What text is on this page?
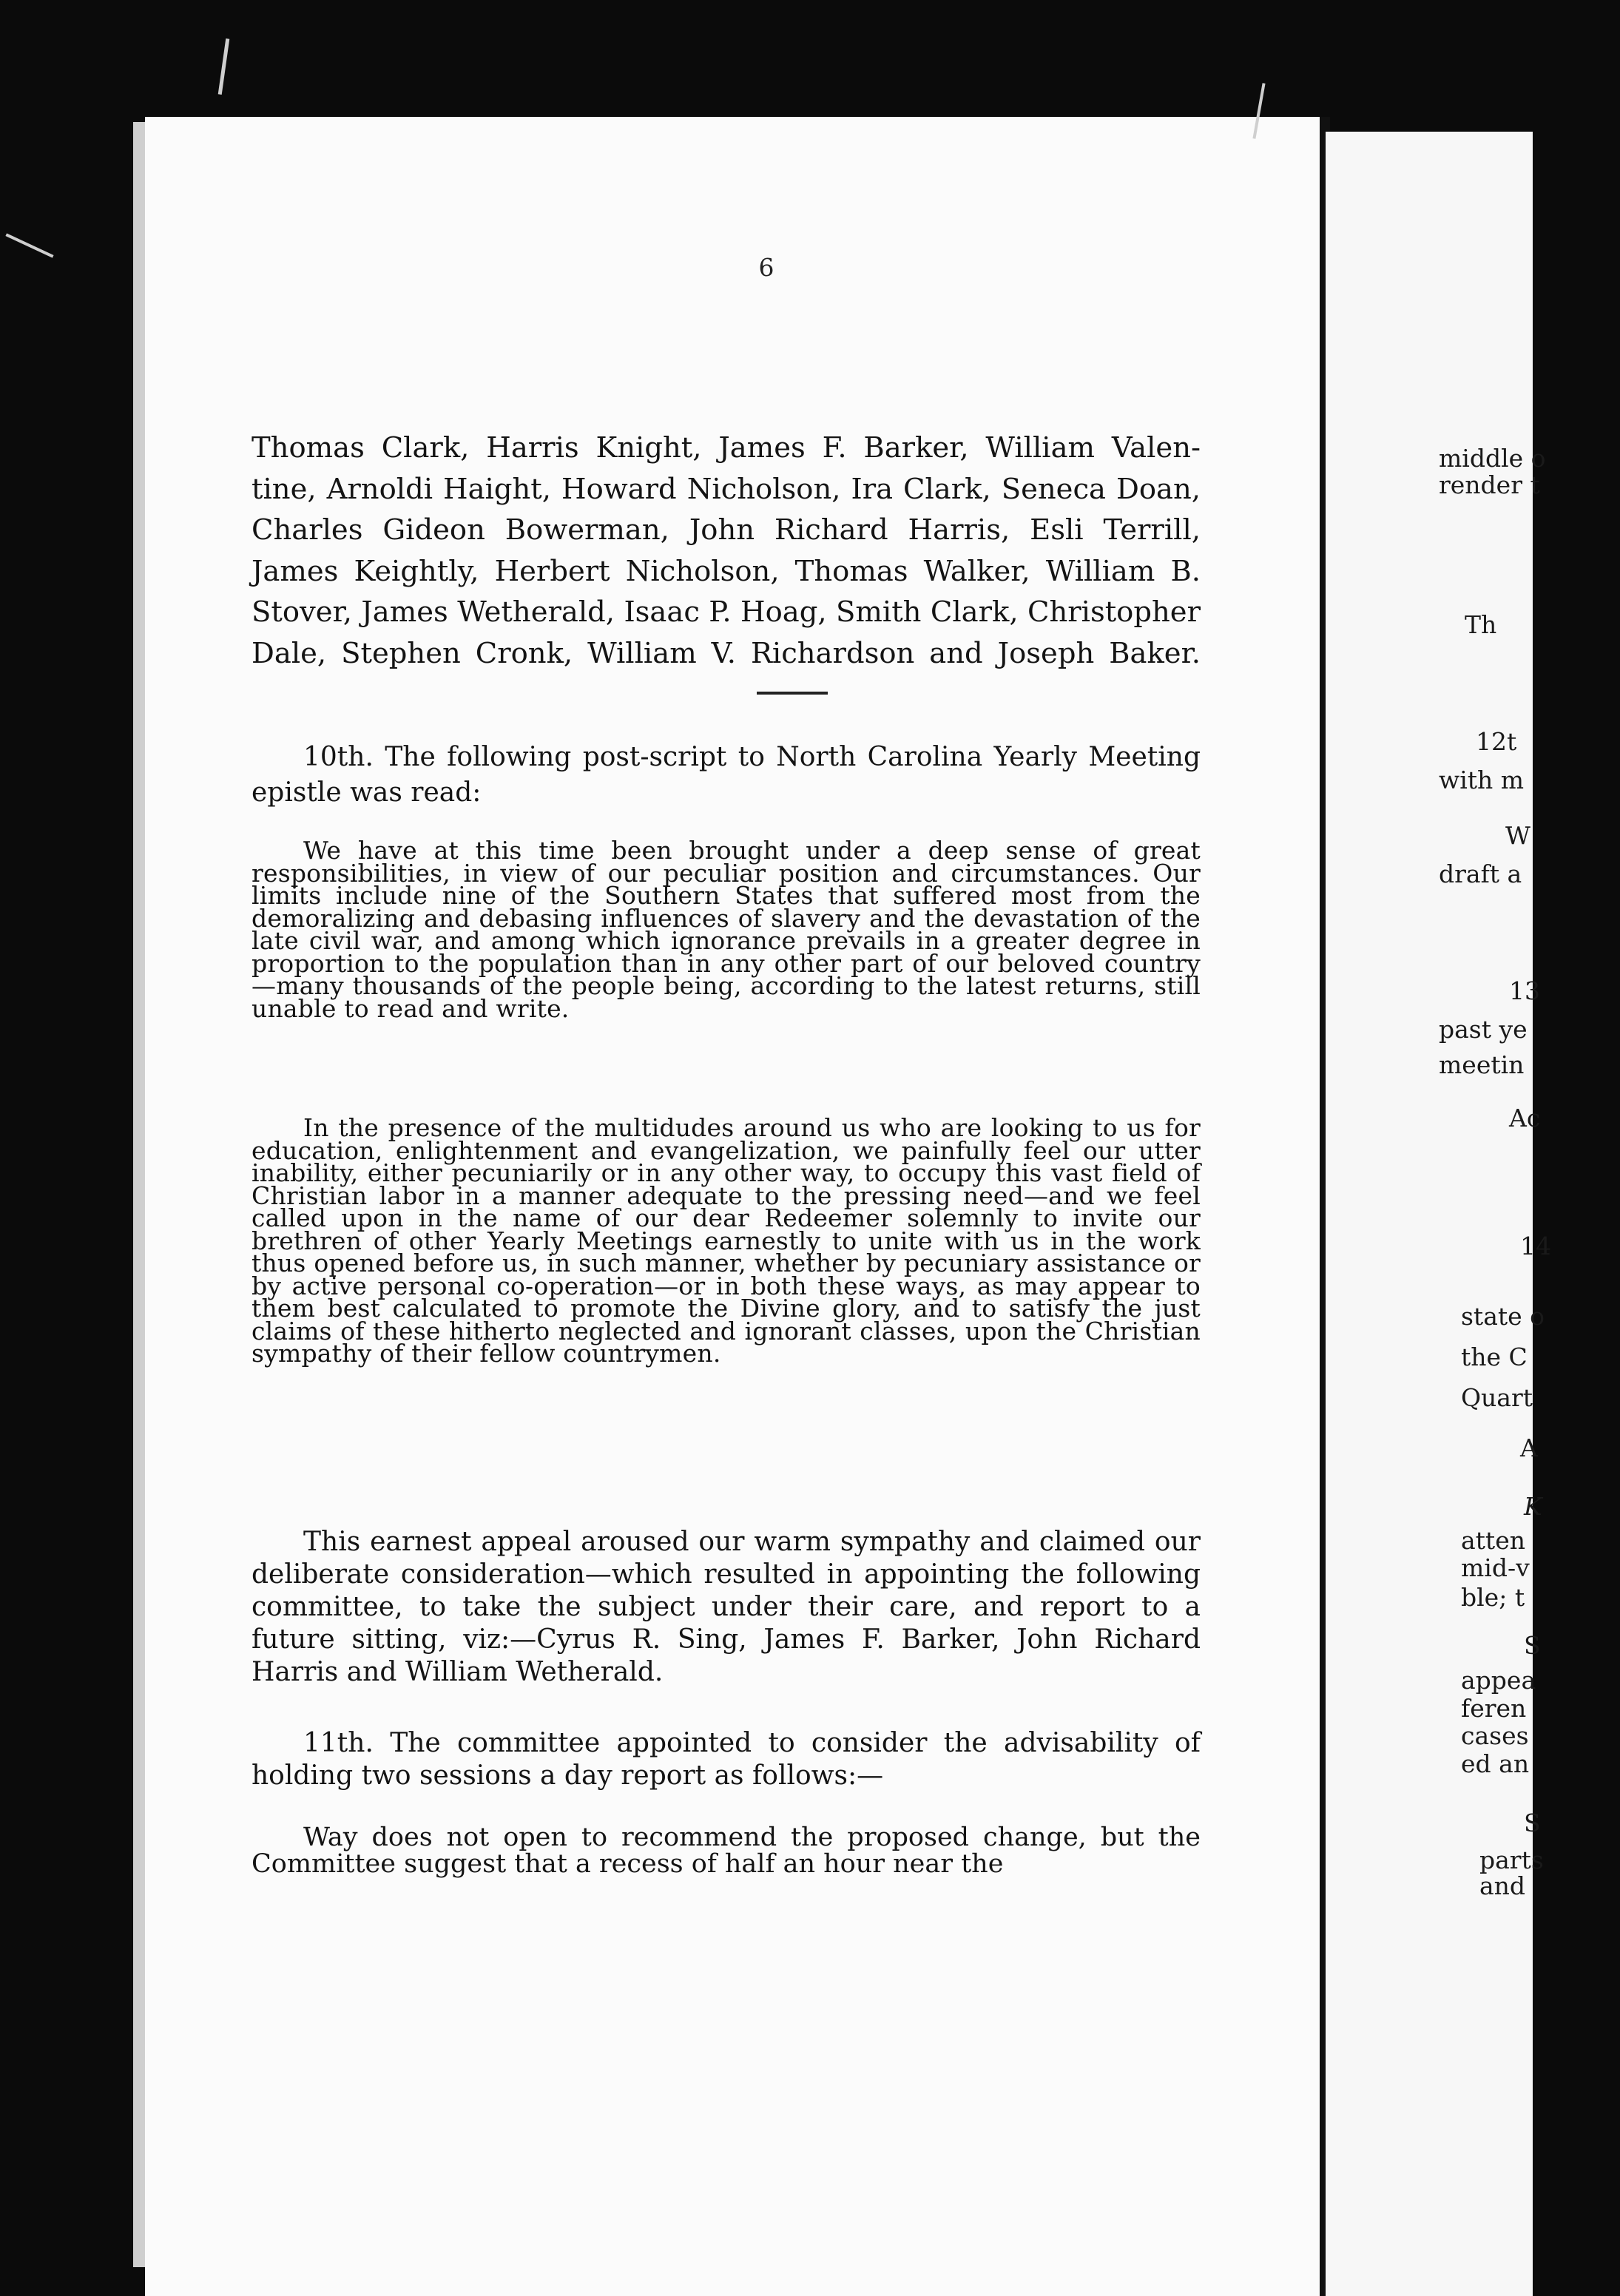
6
Thomas Clark, Harris Knight, James F. Barker, William Valen-
tine, Arnoldi Haight, Howard Nicholson, Ira Clark, Seneca Doan,
Charles Gideon Bowerman, John Richard Harris, Esli Terrill,
James Keightly, Herbert Nicholson, Thomas Walker, William B.
Stover, James Wetherald, Isaac P. Hoag, Smith Clark, Christopher
Dale, Stephen Cronk, William V. Richardson and Joseph Baker.
10th. The following post-script to North Carolina Yearly Meeting epistle was read:
We have at this time been brought under a deep sense of great responsibilities, in view of our peculiar position and circumstances. Our limits include nine of the Southern States that suffered most from the demoralizing and debasing influences of slavery and the devastation of the late civil war, and among which ignorance prevails in a greater degree in proportion to the population than in any other part of our beloved country—many thousands of the people being, according to the latest returns, still unable to read and write.
In the presence of the multidudes around us who are looking to us for education, enlightenment and evangelization, we painfully feel our utter inability, either pecuniarily or in any other way, to occupy this vast field of Christian labor in a manner adequate to the pressing need—and we feel called upon in the name of our dear Redeemer solemnly to invite our brethren of other Yearly Meetings earnestly to unite with us in the work thus opened before us, in such manner, whether by pecuniary assistance or by active personal co-operation—or in both these ways, as may appear to them best calculated to promote the Divine glory, and to satisfy the just claims of these hitherto neglected and ignorant classes, upon the Christian sympathy of their fellow countrymen.
This earnest appeal aroused our warm sympathy and claimed our deliberate consideration—which resulted in appointing the following committee, to take the subject under their care, and report to a future sitting, viz:—Cyrus R. Sing, James F. Barker, John Richard Harris and William Wetherald.
11th. The committee appointed to consider the advisability of holding two sessions a day report as follows:—
Way does not open to recommend the proposed change, but the Committee suggest that a recess of half an hour near the
middle o
render t
Th
12t
with m
W
draft a
13
past ye
meetin
Ac
14
state o
the C
Quart
A
K
atten
mid-v
ble; t
S
appea
feren
cases
ed an
S
parts
and
